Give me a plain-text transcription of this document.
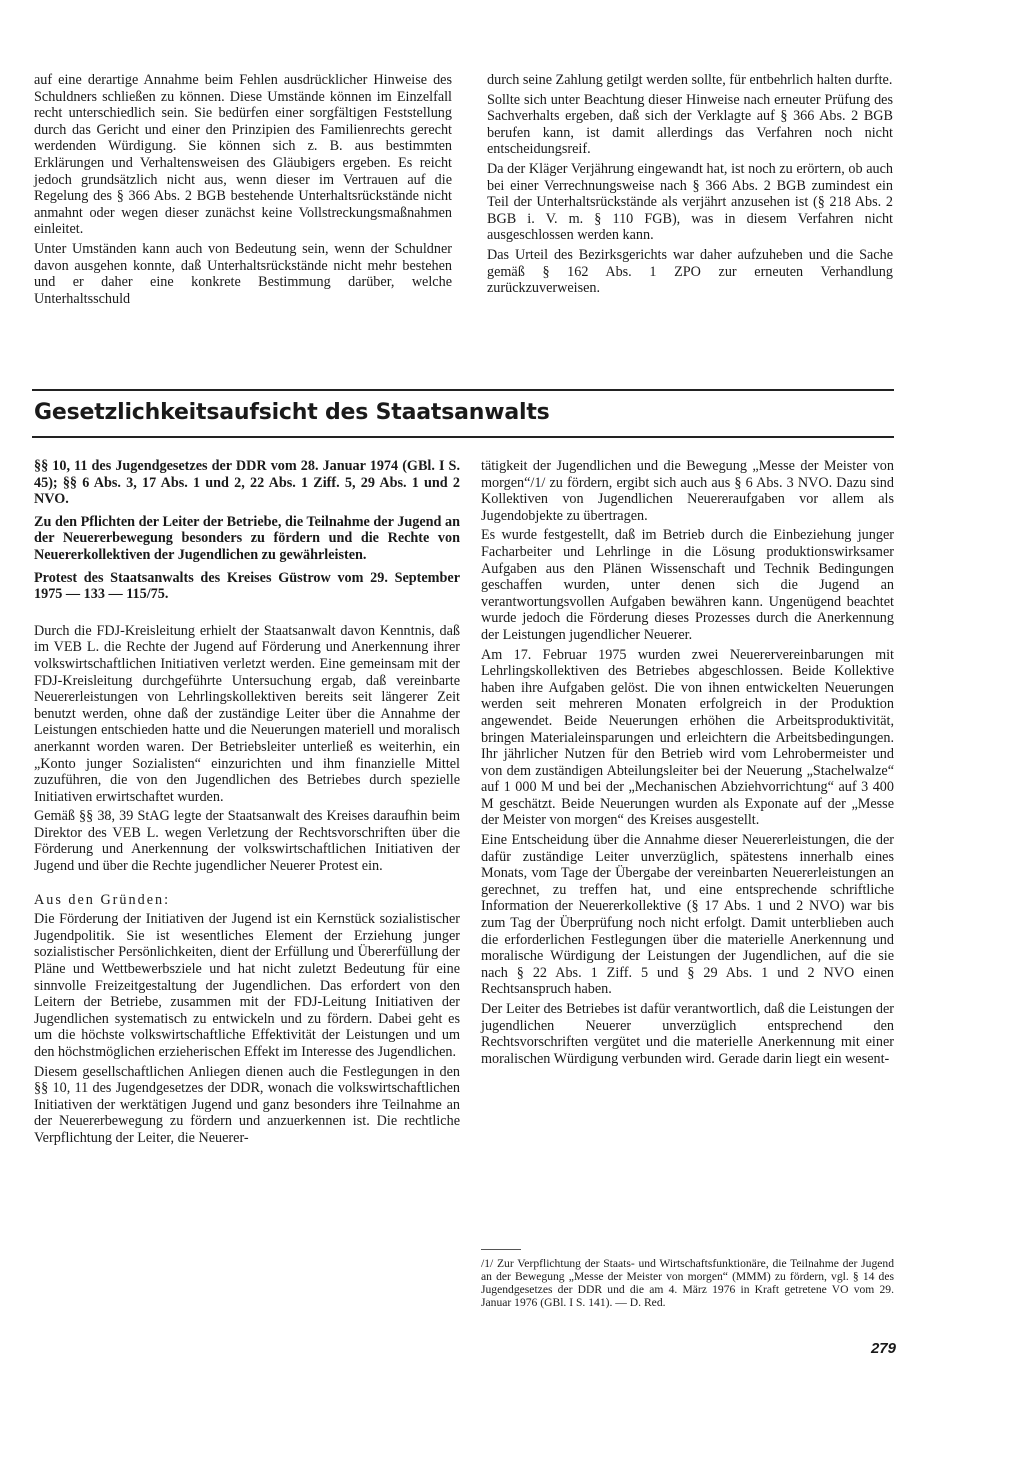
auf eine derartige Annahme beim Fehlen ausdrücklicher Hinweise des Schuldners schließen zu können. Diese Umstände können im Einzelfall recht unterschiedlich sein. Sie bedürfen einer sorgfältigen Feststellung durch das Gericht und einer den Prinzipien des Familienrechts gerecht werdenden Würdigung. Sie können sich z. B. aus bestimmten Erklärungen und Verhaltensweisen des Gläubigers ergeben. Es reicht jedoch grundsätzlich nicht aus, wenn dieser im Vertrauen auf die Regelung des § 366 Abs. 2 BGB bestehende Unterhaltsrückstände nicht anmahnt oder wegen dieser zunächst keine Vollstreckungsmaßnahmen einleitet.

Unter Umständen kann auch von Bedeutung sein, wenn der Schuldner davon ausgehen konnte, daß Unterhaltsrückstände nicht mehr bestehen und er daher eine konkrete Bestimmung darüber, welche Unterhaltsschuld

durch seine Zahlung getilgt werden sollte, für entbehrlich halten durfte.

Sollte sich unter Beachtung dieser Hinweise nach erneuter Prüfung des Sachverhalts ergeben, daß sich der Verklagte auf § 366 Abs. 2 BGB berufen kann, ist damit allerdings das Verfahren noch nicht entscheidungsreif.

Da der Kläger Verjährung eingewandt hat, ist noch zu erörtern, ob auch bei einer Verrechnungsweise nach § 366 Abs. 2 BGB zumindest ein Teil der Unterhaltsrückstände als verjährt anzusehen ist (§ 218 Abs. 2 BGB i. V. m. § 110 FGB), was in diesem Verfahren nicht ausgeschlossen werden kann.

Das Urteil des Bezirksgerichts war daher aufzuheben und die Sache gemäß § 162 Abs. 1 ZPO zur erneuten Verhandlung zurückzuverweisen.

Gesetzlichkeitsaufsicht des Staatsanwalts

§§ 10, 11 des Jugendgesetzes der DDR vom 28. Januar 1974 (GBl. I S. 45); §§ 6 Abs. 3, 17 Abs. 1 und 2, 22 Abs. 1 Ziff. 5, 29 Abs. 1 und 2 NVO.

Zu den Pflichten der Leiter der Betriebe, die Teilnahme der Jugend an der Neuererbewegung besonders zu fördern und die Rechte von Neuererkollektiven der Jugendlichen zu gewährleisten.

Protest des Staatsanwalts des Kreises Güstrow vom 29. September 1975 — 133 — 115/75.

Durch die FDJ-Kreisleitung erhielt der Staatsanwalt davon Kenntnis, daß im VEB L. die Rechte der Jugend auf Förderung und Anerkennung ihrer volkswirtschaftlichen Initiativen verletzt werden. Eine gemeinsam mit der FDJ-Kreisleitung durchgeführte Untersuchung ergab, daß vereinbarte Neuererleistungen von Lehrlingskollektiven bereits seit längerer Zeit benutzt werden, ohne daß der zuständige Leiter über die Annahme der Leistungen entschieden hatte und die Neuerungen materiell und moralisch anerkannt worden waren. Der Betriebsleiter unterließ es weiterhin, ein „Konto junger Sozialisten“ einzurichten und ihm finanzielle Mittel zuzuführen, die von den Jugendlichen des Betriebes durch spezielle Initiativen erwirtschaftet wurden.

Gemäß §§ 38, 39 StAG legte der Staatsanwalt des Kreises daraufhin beim Direktor des VEB L. wegen Verletzung der Rechtsvorschriften über die Förderung und Anerkennung der volkswirtschaftlichen Initiativen der Jugend und über die Rechte jugendlicher Neuerer Protest ein.

Aus den Gründen:

Die Förderung der Initiativen der Jugend ist ein Kernstück sozialistischer Jugendpolitik. Sie ist wesentliches Element der Erziehung junger sozialistischer Persönlichkeiten, dient der Erfüllung und Übererfüllung der Pläne und Wettbewerbsziele und hat nicht zuletzt Bedeutung für eine sinnvolle Freizeitgestaltung der Jugendlichen. Das erfordert von den Leitern der Betriebe, zusammen mit der FDJ-Leitung Initiativen der Jugendlichen systematisch zu entwickeln und zu fördern. Dabei geht es um die höchste volkswirtschaftliche Effektivität der Leistungen und um den höchstmöglichen erzieherischen Effekt im Interesse des Jugendlichen.

Diesem gesellschaftlichen Anliegen dienen auch die Festlegungen in den §§ 10, 11 des Jugendgesetzes der DDR, wonach die volkswirtschaftlichen Initiativen der werktätigen Jugend und ganz besonders ihre Teilnahme an der Neuererbewegung zu fördern und anzuerkennen ist. Die rechtliche Verpflichtung der Leiter, die Neuerer-

tätigkeit der Jugendlichen und die Bewegung „Messe der Meister von morgen“/1/ zu fördern, ergibt sich auch aus § 6 Abs. 3 NVO. Dazu sind Kollektiven von Jugendlichen Neuereraufgaben vor allem als Jugendobjekte zu übertragen.

Es wurde festgestellt, daß im Betrieb durch die Einbeziehung junger Facharbeiter und Lehrlinge in die Lösung produktionswirksamer Aufgaben aus den Plänen Wissenschaft und Technik Bedingungen geschaffen wurden, unter denen sich die Jugend an verantwortungsvollen Aufgaben bewähren kann. Ungenügend beachtet wurde jedoch die Förderung dieses Prozesses durch die Anerkennung der Leistungen jugendlicher Neuerer.

Am 17. Februar 1975 wurden zwei Neuerervereinbarungen mit Lehrlingskollektiven des Betriebes abgeschlossen. Beide Kollektive haben ihre Aufgaben gelöst. Die von ihnen entwickelten Neuerungen werden seit mehreren Monaten erfolgreich in der Produktion angewendet. Beide Neuerungen erhöhen die Arbeitsproduktivität, bringen Materialeinsparungen und erleichtern die Arbeitsbedingungen. Ihr jährlicher Nutzen für den Betrieb wird vom Lehrobermeister und von dem zuständigen Abteilungsleiter bei der Neuerung „Stachelwalze“ auf 1 000 M und bei der „Mechanischen Abziehvorrichtung“ auf 3 400 M geschätzt. Beide Neuerungen wurden als Exponate auf der „Messe der Meister von morgen“ des Kreises ausgestellt.

Eine Entscheidung über die Annahme dieser Neuererleistungen, die der dafür zuständige Leiter unverzüglich, spätestens innerhalb eines Monats, vom Tage der Übergabe der vereinbarten Neuererleistungen an gerechnet, zu treffen hat, und eine entsprechende schriftliche Information der Neuererkollektive (§ 17 Abs. 1 und 2 NVO) war bis zum Tag der Überprüfung noch nicht erfolgt. Damit unterblieben auch die erforderlichen Festlegungen über die materielle Anerkennung und moralische Würdigung der Leistungen der Jugendlichen, auf die sie nach § 22 Abs. 1 Ziff. 5 und § 29 Abs. 1 und 2 NVO einen Rechtsanspruch haben.

Der Leiter des Betriebes ist dafür verantwortlich, daß die Leistungen der jugendlichen Neuerer unverzüglich entsprechend den Rechtsvorschriften vergütet und die materielle Anerkennung mit einer moralischen Würdigung verbunden wird. Gerade darin liegt ein wesent-

/1/ Zur Verpflichtung der Staats- und Wirtschaftsfunktionäre, die Teilnahme der Jugend an der Bewegung „Messe der Meister von morgen“ (MMM) zu fördern, vgl. § 14 des Jugendgesetzes der DDR und die am 4. März 1976 in Kraft getretene VO vom 29. Januar 1976 (GBl. I S. 141). — D. Red.
279
